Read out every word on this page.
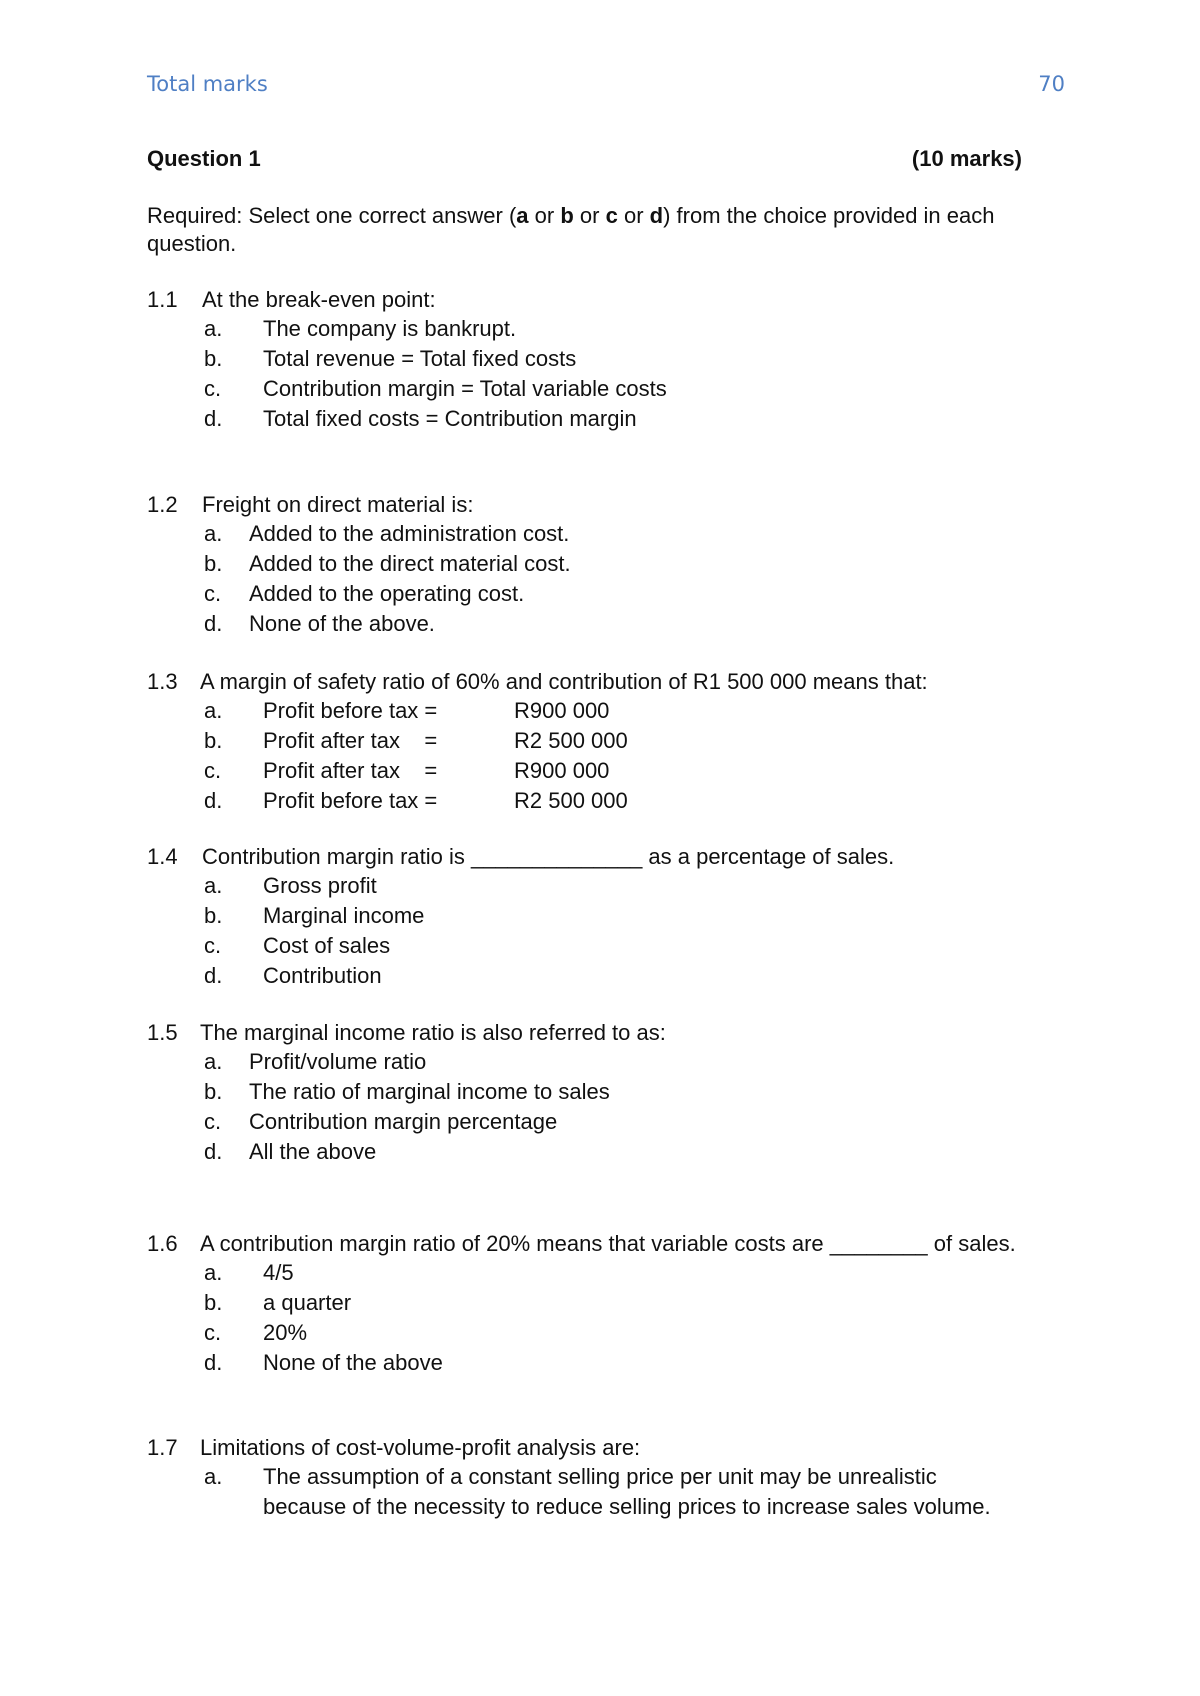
Total marks	70
Question 1	(10 marks)
Required: Select one correct answer (a or b or c or d) from the choice provided in each question.
1.1	At the break-even point:
a.	The company is bankrupt.
b.	Total revenue = Total fixed costs
c.	Contribution margin = Total variable costs
d.	Total fixed costs = Contribution margin
1.2	Freight on direct material is:
a.	Added to the administration cost.
b.	Added to the direct material cost.
c.	Added to the operating cost.
d.	None of the above.
1.3	A margin of safety ratio of 60% and contribution of R1 500 000 means that:
a.	Profit before tax =	R900 000
b.	Profit after tax    =	R2 500 000
c.	Profit after tax    =	R900 000
d.	Profit before tax =	R2 500 000
1.4	Contribution margin ratio is ______________ as a percentage of sales.
a.	Gross profit
b.	Marginal income
c.	Cost of sales
d.	Contribution
1.5	The marginal income ratio is also referred to as:
a.	Profit/volume ratio
b.	The ratio of marginal income to sales
c.	Contribution margin percentage
d.	All the above
1.6 A contribution margin ratio of 20% means that variable costs are ________ of sales.
a.	4/5
b.	a quarter
c.	20%
d.	None of the above
1.7	Limitations of cost-volume-profit analysis are:
a.	The assumption of a constant selling price per unit may be unrealistic because of the necessity to reduce selling prices to increase sales volume.
